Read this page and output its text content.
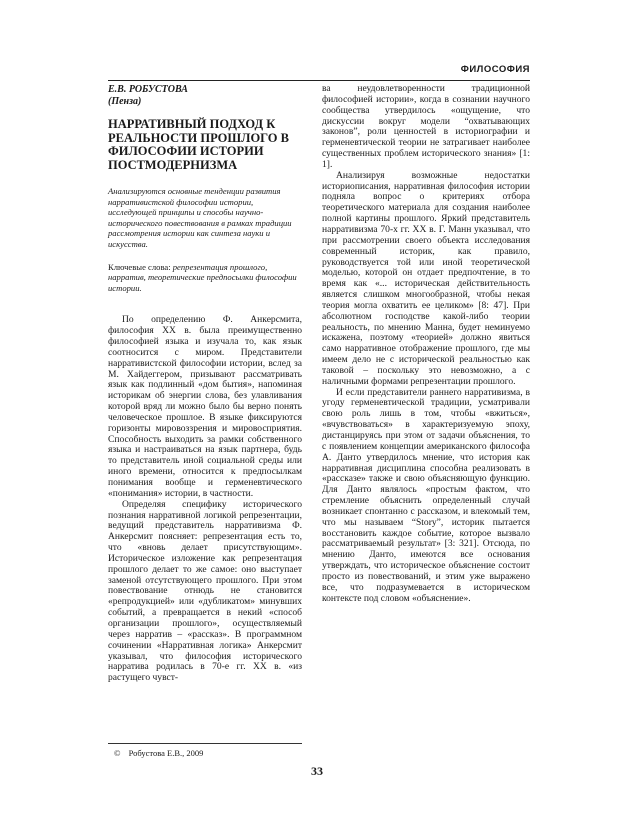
ФИЛОСОФИЯ
Е.В. РОБУСТОВА
(Пенза)
НАРРАТИВНЫЙ ПОДХОД К РЕАЛЬНОСТИ ПРОШЛОГО В ФИЛОСОФИИ ИСТОРИИ ПОСТМОДЕРНИЗМА
Анализируются основные тенденции развития нарративистской философии истории, исследующей принципы и способы научно-исторического повествования в рамках традиции рассмотрения истории как синтеза науки и искусства.
Ключевые слова: репрезентация прошлого, нарратив, теоретические предпосылки философии истории.

По определению Ф. Анкерсмита, философия XX в. была преимущественно философией языка и изучала то, как язык соотносится с миром. Представители нарративистской философии истории, вслед за М. Хайдеггером, призывают рассматривать язык как подлинный «дом бытия», напоминая историкам об энергии слова, без улавливания которой вряд ли можно было бы верно понять человеческое прошлое. В языке фиксируются горизонты мировоззрения и мировосприятия. Способность выходить за рамки собственного языка и настраиваться на язык партнера, будь то представитель иной социальной среды или иного времени, относится к предпосылкам понимания вообще и герменевтического «понимания» истории, в частности.

Определяя специфику исторического познания нарративной логикой репрезентации, ведущий представитель нарративизма Ф. Анкерсмит поясняет: репрезентация есть то, что «вновь делает присутствующим». Историческое изложение как репрезентация прошлого делает то же самое: оно выступает заменой отсутствующего прошлого. При этом повествование отнюдь не становится «репродукцией» или «дубликатом» минувших событий, а превращается в некий «способ организации прошлого», осуществляемый через нарратив – «рассказ». В программном сочинении «Нарративная логика» Анкерсмит указывал, что философия исторического нарратива родилась в 70-е гг. XX в. «из растущего чувст-

ва неудовлетворенности традиционной философией истории», когда в сознании научного сообщества утвердилось «ощущение, что дискуссии вокруг модели “охватывающих законов”, роли ценностей в историографии и герменевтической теории не затрагивает наиболее существенных проблем исторического знания» [1: 1].

Анализируя возможные недостатки историописания, нарративная философия истории подняла вопрос о критериях отбора теоретического материала для создания наиболее полной картины прошлого. Яркий представитель нарративизма 70-х гг. XX в. Г. Манн указывал, что при рассмотрении своего объекта исследования современный историк, как правило, руководствуется той или иной теоретической моделью, которой он отдает предпочтение, в то время как «... историческая действительность является слишком многообразной, чтобы некая теория могла охватить ее целиком» [8: 47]. При абсолютном господстве какой-либо теории реальность, по мнению Манна, будет неминуемо искажена, поэтому «теорией» должно явиться само нарративное отображение прошлого, где мы имеем дело не с исторической реальностью как таковой – поскольку это невозможно, а с наличными формами репрезентации прошлого.

И если представители раннего нарративизма, в угоду герменевтической традиции, усматривали свою роль лишь в том, чтобы «вжиться», «вчувствоваться» в характеризуемую эпоху, дистанцируясь при этом от задачи объяснения, то с появлением концепции американского философа А. Данто утвердилось мнение, что история как нарративная дисциплина способна реализовать в «рассказе» также и свою объясняющую функцию. Для Данто являлось «простым фактом, что стремление объяснить определенный случай возникает спонтанно с рассказом, и влекомый тем, что мы называем “Story”, историк пытается восстановить каждое событие, которое вызвало рассматриваемый результат» [3: 321]. Отсюда, по мнению Данто, имеются все основания утверждать, что историческое объяснение состоит просто из повествований, и этим уже выражено все, что подразумевается в историческом контексте под словом «объяснение».

© Робустова Е.В., 2009
33
